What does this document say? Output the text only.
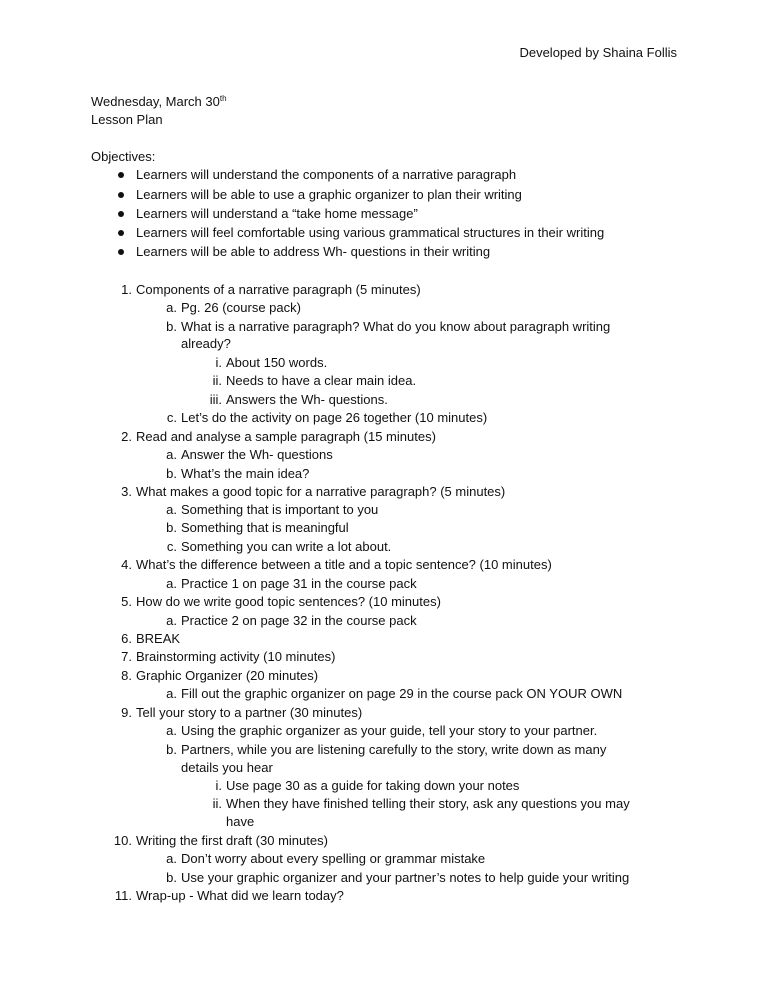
Developed by Shaina Follis
Wednesday, March 30th
Lesson Plan
Objectives:
Learners will understand the components of a narrative paragraph
Learners will be able to use a graphic organizer to plan their writing
Learners will understand a “take home message”
Learners will feel comfortable using various grammatical structures in their writing
Learners will be able to address Wh- questions in their writing
1. Components of a narrative paragraph (5 minutes)
a. Pg. 26 (course pack)
b. What is a narrative paragraph? What do you know about paragraph writing
already?
i. About 150 words.
ii. Needs to have a clear main idea.
iii. Answers the Wh- questions.
c. Let’s do the activity on page 26 together (10 minutes)
2. Read and analyse a sample paragraph (15 minutes)
a. Answer the Wh- questions
b. What’s the main idea?
3. What makes a good topic for a narrative paragraph? (5 minutes)
a. Something that is important to you
b. Something that is meaningful
c. Something you can write a lot about.
4. What’s the difference between a title and a topic sentence? (10 minutes)
a. Practice 1 on page 31 in the course pack
5. How do we write good topic sentences? (10 minutes)
a. Practice 2 on page 32 in the course pack
6. BREAK
7. Brainstorming activity (10 minutes)
8. Graphic Organizer (20 minutes)
a. Fill out the graphic organizer on page 29 in the course pack ON YOUR OWN
9. Tell your story to a partner (30 minutes)
a. Using the graphic organizer as your guide, tell your story to your partner.
b. Partners, while you are listening carefully to the story, write down as many
details you hear
i. Use page 30 as a guide for taking down your notes
ii. When they have finished telling their story, ask any questions you may
have
10. Writing the first draft (30 minutes)
a. Don’t worry about every spelling or grammar mistake
b. Use your graphic organizer and your partner’s notes to help guide your writing
11. Wrap-up - What did we learn today?
